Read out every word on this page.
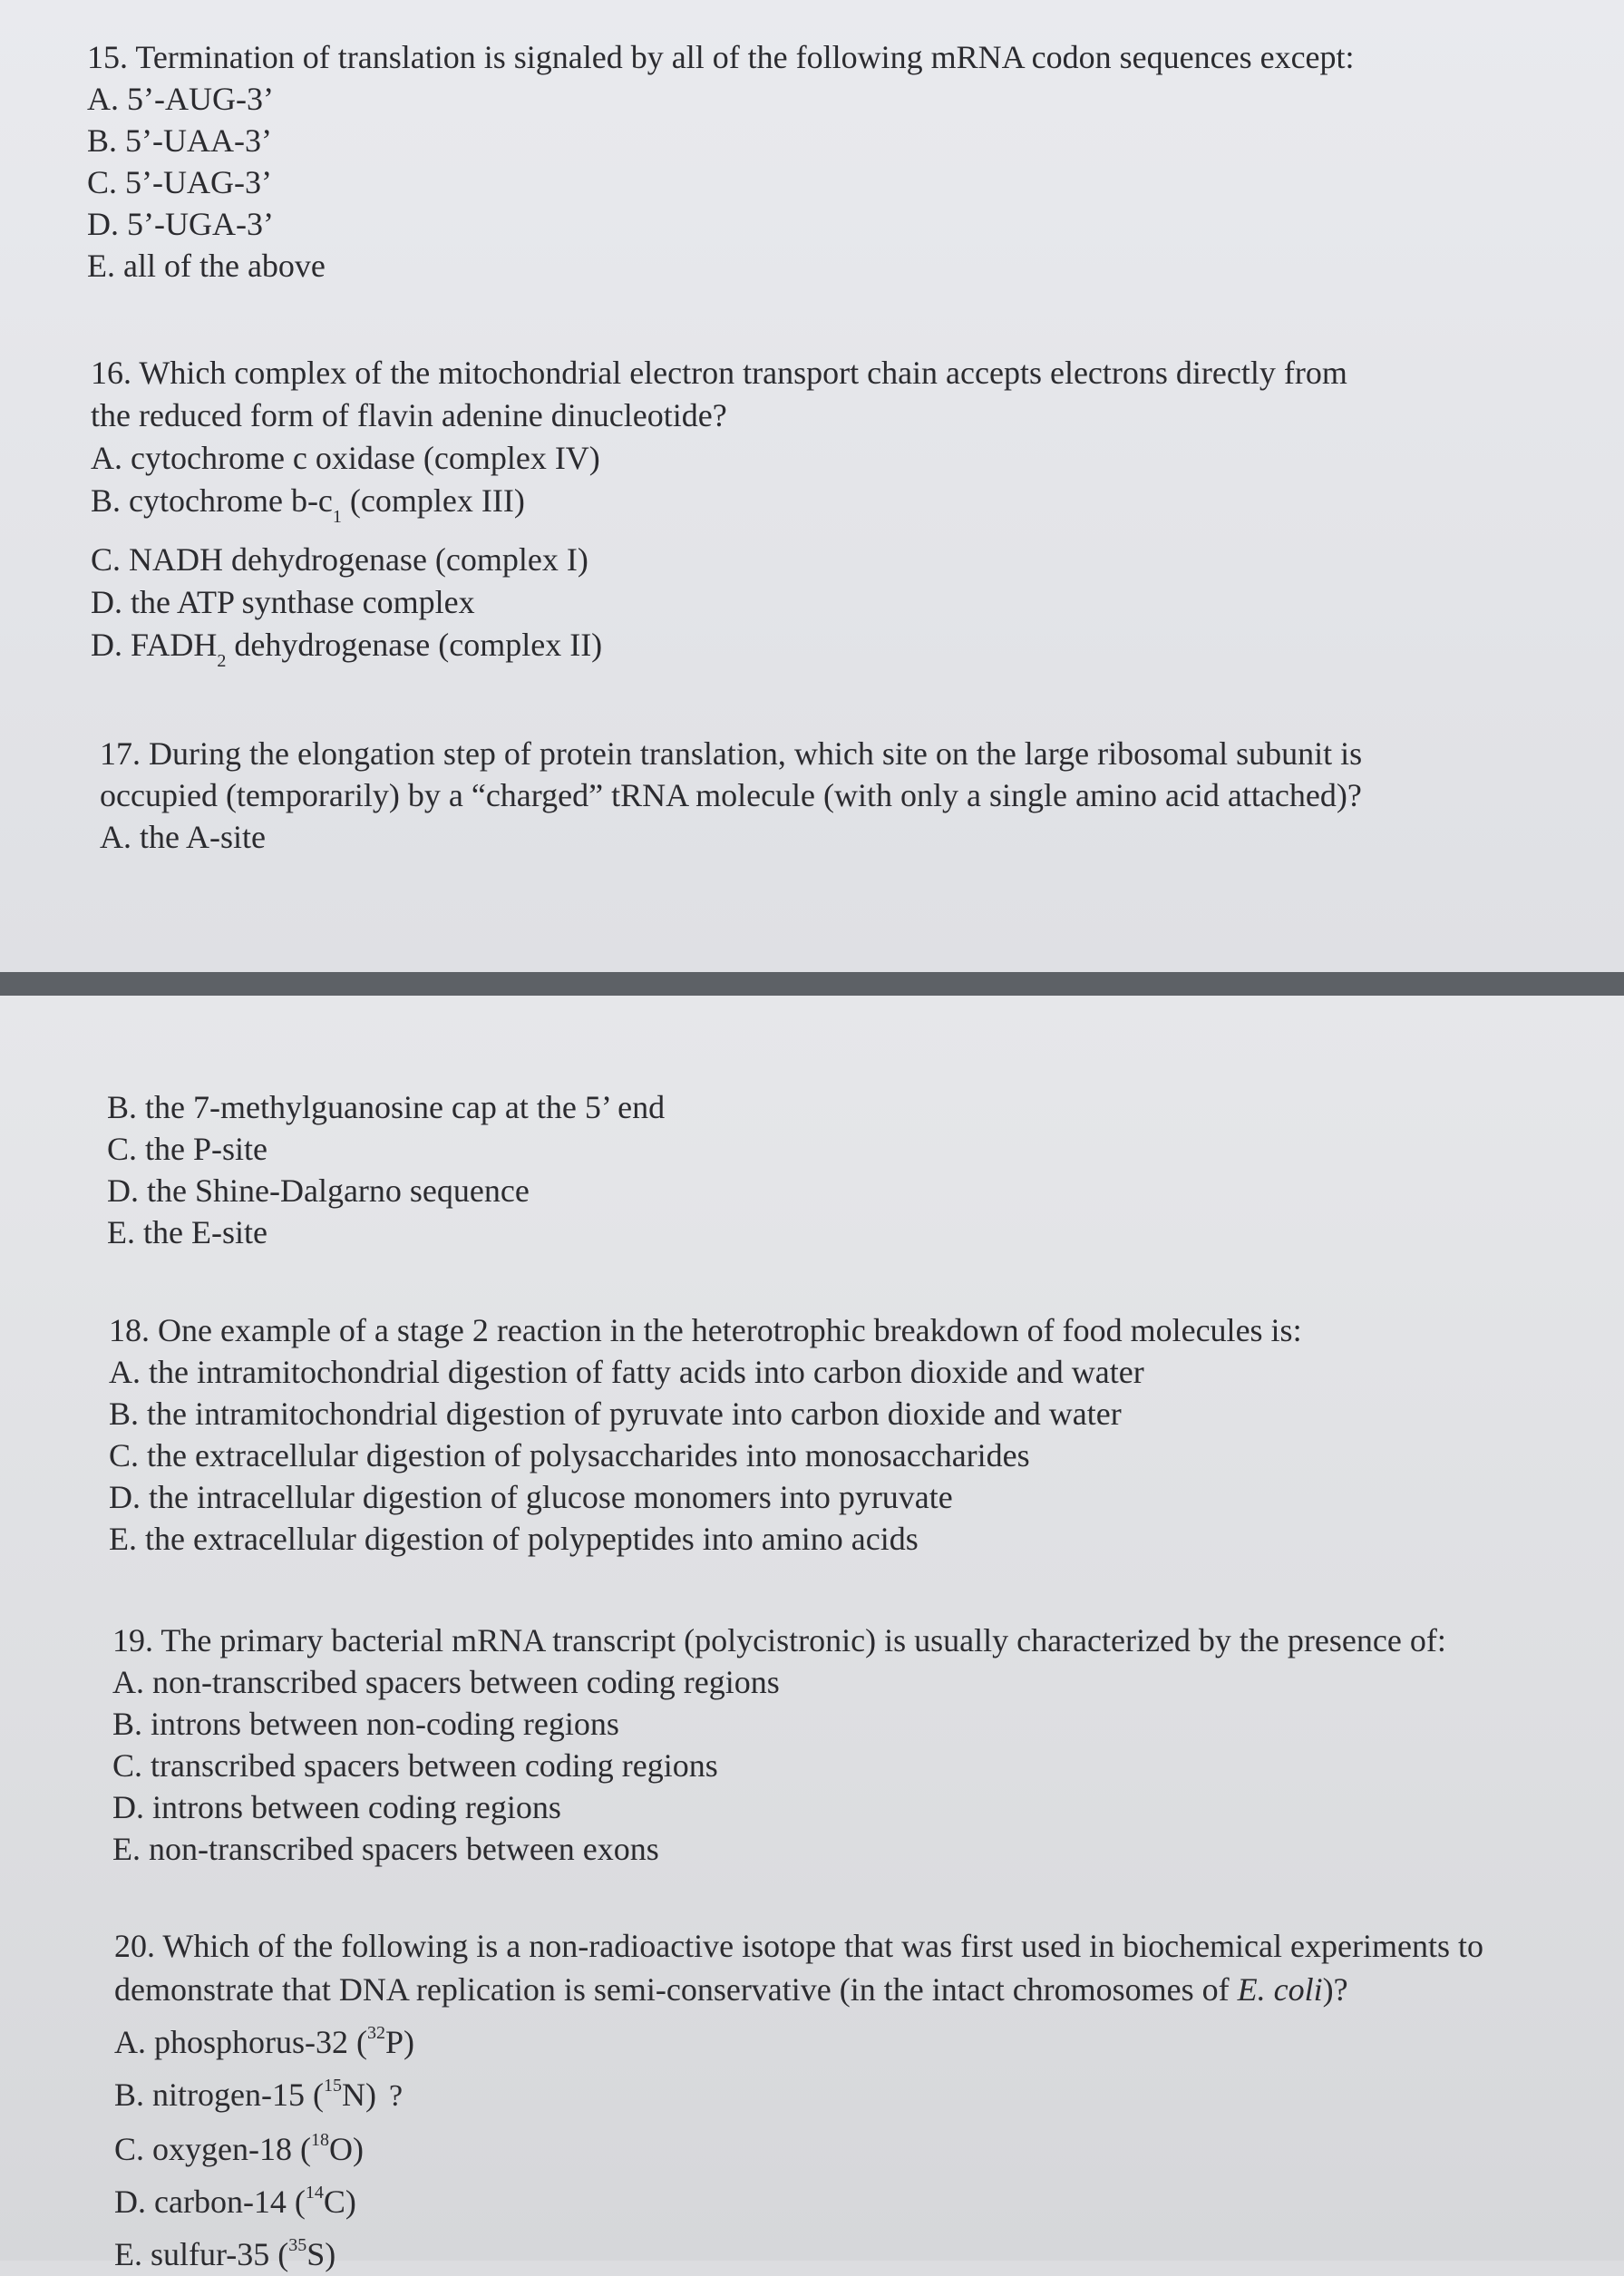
15. Termination of translation is signaled by all of the following mRNA codon sequences except:

A. 5’-AUG-3’

B. 5’-UAA-3’

C. 5’-UAG-3’

D. 5’-UGA-3’

E. all of the above

16. Which complex of the mitochondrial electron transport chain accepts electrons directly from

the reduced form of flavin adenine dinucleotide?

A. cytochrome c oxidase (complex IV)

B. cytochrome $b-c_1$ (complex III)

C. NADH dehydrogenase (complex I)

D. the ATP synthase complex

D. $FADH_2$ dehydrogenase (complex II)

17. During the elongation step of protein translation, which site on the large ribosomal subunit is

occupied (temporarily) by a “charged” tRNA molecule (with only a single amino acid attached)?

A. the A-site

B. the 7-methylguanosine cap at the 5’ end

C. the P-site

D. the Shine-Dalgarno sequence

E. the E-site

18. One example of a stage 2 reaction in the heterotrophic breakdown of food molecules is:

A. the intramitochondrial digestion of fatty acids into carbon dioxide and water

B. the intramitochondrial digestion of pyruvate into carbon dioxide and water

C. the extracellular digestion of polysaccharides into monosaccharides

D. the intracellular digestion of glucose monomers into pyruvate

E. the extracellular digestion of polypeptides into amino acids

19. The primary bacterial mRNA transcript (polycistronic) is usually characterized by the presence of:

A. non-transcribed spacers between coding regions

B. introns between non-coding regions

C. transcribed spacers between coding regions

D. introns between coding regions

E. non-transcribed spacers between exons

20. Which of the following is a non-radioactive isotope that was first used in biochemical experiments to

demonstrate that DNA replication is semi-conservative (in the intact chromosomes of E. coli)?

A. phosphorus-32 ($^{32}$P)

B. nitrogen-15 ($^{15}$N) ?

C. oxygen-18 ($^{18}$O)

D. carbon-14 ($^{14}$C)

E. sulfur-35 ($^{35}$S)
